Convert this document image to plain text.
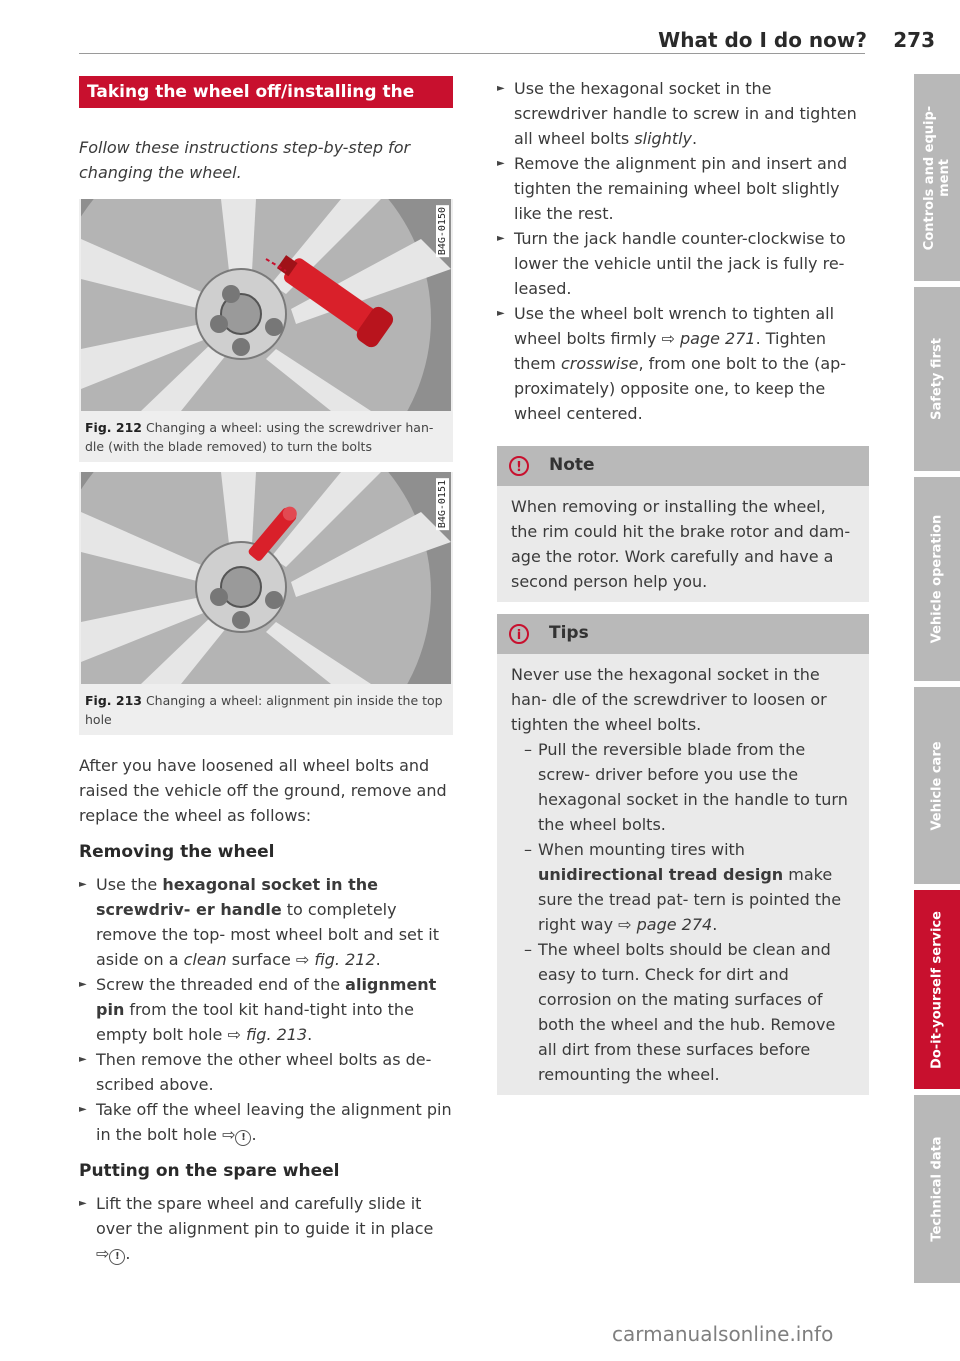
What do I do now? 273
Taking the wheel off/installing the spare
Follow these instructions step-by-step for changing the wheel.
B4G-0150
Fig. 212 Changing a wheel: using the screwdriver han- dle (with the blade removed) to turn the bolts
B4G-0151
Fig. 213 Changing a wheel: alignment pin inside the top hole
After you have loosened all wheel bolts and raised the vehicle off the ground, remove and replace the wheel as follows:
Removing the wheel
► Use the hexagonal socket in the screwdriv- er handle to completely remove the top- most wheel bolt and set it aside on a clean surface ⇨ fig. 212.
► Screw the threaded end of the alignment pin from the tool kit hand-tight into the empty bolt hole ⇨ fig. 213.
► Then remove the other wheel bolts as de- scribed above.
► Take off the wheel leaving the alignment pin in the bolt hole ⇨ ! .
Putting on the spare wheel
► Lift the spare wheel and carefully slide it over the alignment pin to guide it in place
⇨ ! .
► Use the hexagonal socket in the screwdriver handle to screw in and tighten all wheel bolts slightly.
► Remove the alignment pin and insert and tighten the remaining wheel bolt slightly like the rest.
► Turn the jack handle counter-clockwise to lower the vehicle until the jack is fully re- leased.
► Use the wheel bolt wrench to tighten all wheel bolts firmly ⇨ page 271. Tighten them crosswise, from one bolt to the (ap- proximately) opposite one, to keep the wheel centered.
!	Note
When removing or installing the wheel, the rim could hit the brake rotor and dam- age the rotor. Work carefully and have a second person help you.
i	Tips
Never use the hexagonal socket in the han- dle of the screwdriver to loosen or tighten the wheel bolts.
– Pull the reversible blade from the screw- driver before you use the hexagonal socket in the handle to turn the wheel bolts.
– When mounting tires with unidirectional tread design make sure the tread pat- tern is pointed the right way ⇨ page 274.
– The wheel bolts should be clean and easy to turn. Check for dirt and corrosion on the mating surfaces of both the wheel and the hub. Remove all dirt from these surfaces before remounting the wheel.
Controls and equip- ment
Safety first
Vehicle operation
Vehicle care
Do-it-yourself service
Technical data
carmanualsonline.info
